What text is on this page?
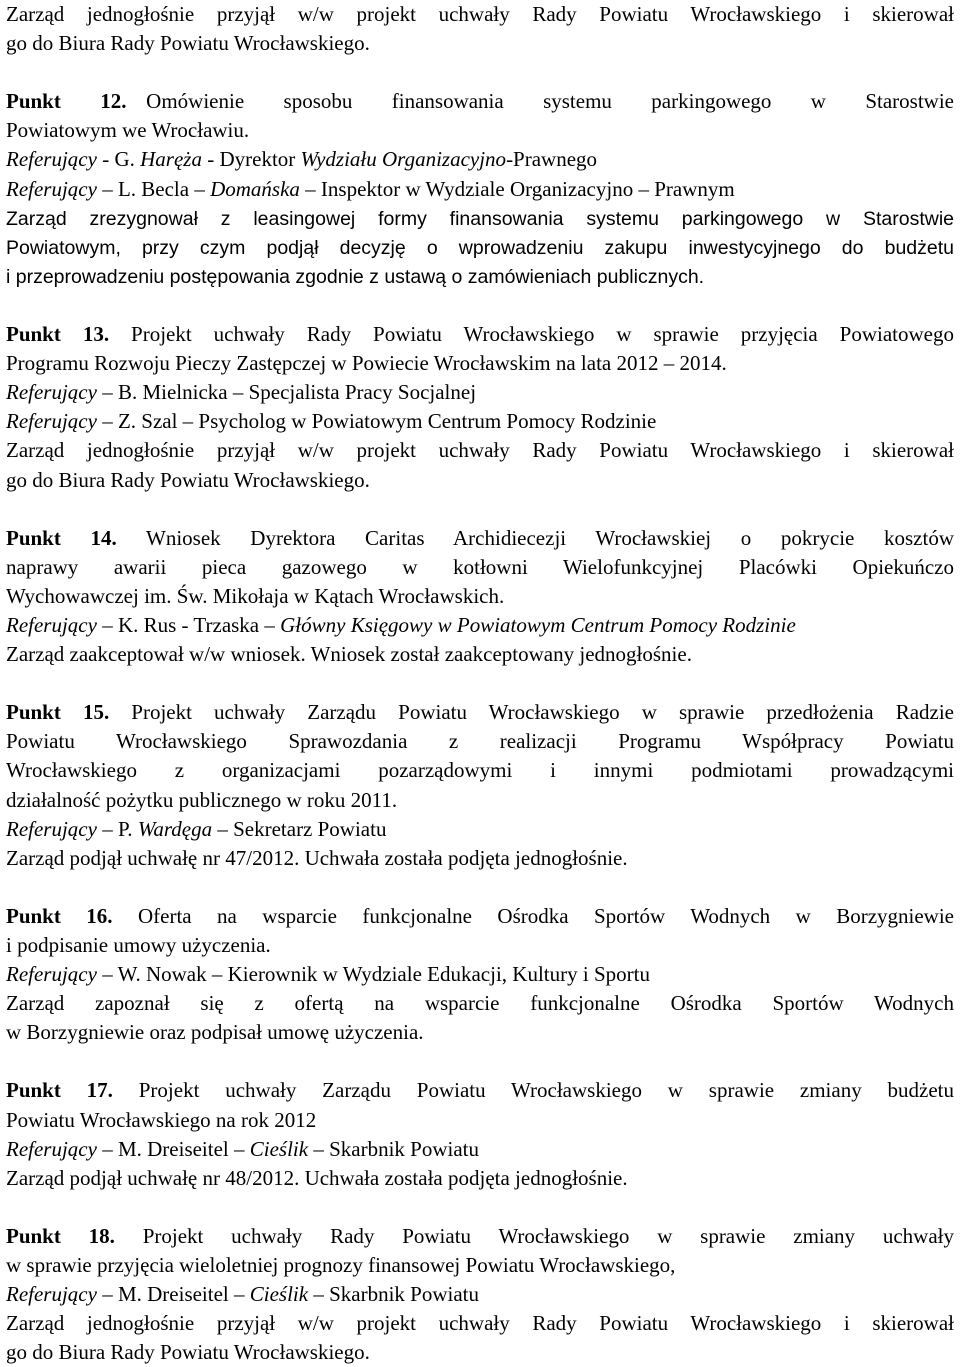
Zarząd jednogłośnie przyjął w/w projekt uchwały Rady Powiatu Wrocławskiego i skierował
go do Biura Rady Powiatu Wrocławskiego.
Punkt  12. Omówienie  sposobu  finansowania  systemu  parkingowego  w  Starostwie
Powiatowym we Wrocławiu.
Referujący - G. Haręża - Dyrektor Wydziału Organizacyjno-Prawnego
Referujący – L. Becla – Domańska – Inspektor w Wydziale Organizacyjno – Prawnym
Zarząd zrezygnował z leasingowej formy finansowania systemu parkingowego w Starostwie
Powiatowym, przy czym podjął decyzję o wprowadzeniu zakupu inwestycyjnego do budżetu
i przeprowadzeniu postępowania zgodnie z ustawą o zamówieniach publicznych.
Punkt 13. Projekt uchwały Rady Powiatu Wrocławskiego w sprawie przyjęcia Powiatowego
Programu Rozwoju Pieczy Zastępczej w Powiecie Wrocławskim na lata 2012 – 2014.
Referujący – B. Mielnicka – Specjalista Pracy Socjalnej
Referujący – Z. Szal – Psycholog w Powiatowym Centrum Pomocy Rodzinie
Zarząd jednogłośnie przyjął w/w projekt uchwały Rady Powiatu Wrocławskiego i skierował
go do Biura Rady Powiatu Wrocławskiego.
Punkt 14. Wniosek Dyrektora Caritas Archidiecezji Wrocławskiej o pokrycie kosztów
naprawy awarii pieca gazowego w kotłowni Wielofunkcyjnej Placówki Opiekuńczo
Wychowawczej im. Św. Mikołaja w Kątach Wrocławskich.
Referujący – K. Rus - Trzaska – Główny Księgowy w Powiatowym Centrum Pomocy Rodzinie
Zarząd zaakceptował w/w wniosek. Wniosek został zaakceptowany jednogłośnie.
Punkt 15. Projekt uchwały Zarządu Powiatu Wrocławskiego w sprawie przedłożenia Radzie
Powiatu Wrocławskiego Sprawozdania z realizacji Programu Współpracy Powiatu
Wrocławskiego z organizacjami pozarządowymi i innymi podmiotami prowadzącymi
działalność pożytku publicznego w roku 2011.
Referujący – P. Wardęga – Sekretarz Powiatu
Zarząd podjął uchwałę nr 47/2012. Uchwała została podjęta jednogłośnie.
Punkt 16. Oferta na wsparcie funkcjonalne Ośrodka Sportów Wodnych w Borzygniewie
i podpisanie umowy użyczenia.
Referujący – W. Nowak – Kierownik w Wydziale Edukacji, Kultury i Sportu
Zarząd zapoznał się z ofertą na wsparcie funkcjonalne Ośrodka Sportów Wodnych
w Borzygniewie oraz podpisał umowę użyczenia.
Punkt 17. Projekt uchwały Zarządu Powiatu Wrocławskiego w sprawie zmiany budżetu
Powiatu Wrocławskiego na rok 2012
Referujący – M. Dreiseitel – Cieślik – Skarbnik Powiatu
Zarząd podjął uchwałę nr 48/2012. Uchwała została podjęta jednogłośnie.
Punkt 18. Projekt uchwały Rady Powiatu Wrocławskiego w sprawie zmiany uchwały
w sprawie przyjęcia wieloletniej prognozy finansowej Powiatu Wrocławskiego,
Referujący – M. Dreiseitel – Cieślik – Skarbnik Powiatu
Zarząd jednogłośnie przyjął w/w projekt uchwały Rady Powiatu Wrocławskiego i skierował
go do Biura Rady Powiatu Wrocławskiego.
